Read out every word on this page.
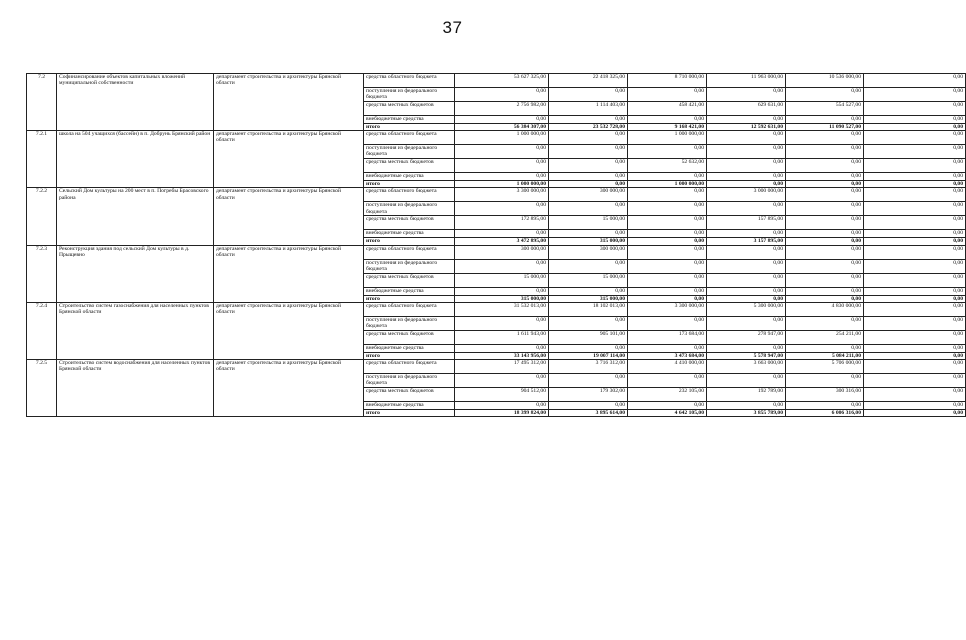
37
7.2	Софинансирование объектов капитальных вложений муниципальной собственности	департамент строительства и архитектуры Брянской области	средства областного бюджета	53 627 325,00	22 418 325,00	8 710 000,00	11 963 000,00	10 536 000,00	0,00
			поступления из федерального бюджета	0,00	0,00	0,00	0,00	0,00	0,00
			средства местных бюджетов	2 756 982,00	1 114 403,00	458 421,00	629 631,00	554 527,00	0,00
			внебюджетные средства	0,00	0,00	0,00	0,00	0,00	0,00
			итого	56 384 307,00	23 532 728,00	9 168 421,00	12 592 631,00	11 090 527,00	0,00
7.2.1	школа на 504 учащихся (бассейн) в п. Добрунь Брянский район	департамент строительства и архитектуры Брянской области	средства областного бюджета	1 000 000,00	0,00	1 000 000,00	0,00	0,00	0,00
			поступления из федерального бюджета	0,00	0,00	0,00	0,00	0,00	0,00
			средства местных бюджетов	0,00	0,00	52 632,00	0,00	0,00	0,00
			внебюджетные средства	0,00	0,00	0,00	0,00	0,00	0,00
			итого	1 000 000,00	0,00	1 000 000,00	0,00	0,00	0,00
7.2.2	Сельский Дом культуры на 200 мест в п. Погребы Брасовского района	департамент строительства и архитектуры Брянской области	средства областного бюджета	3 300 000,00	300 000,00	0,00	3 000 000,00	0,00	0,00
			поступления из федерального бюджета	0,00	0,00	0,00	0,00	0,00	0,00
			средства местных бюджетов	172 895,00	15 000,00	0,00	157 895,00	0,00	0,00
			внебюджетные средства	0,00	0,00	0,00	0,00	0,00	0,00
			итого	3 472 895,00	315 000,00	0,00	3 157 895,00	0,00	0,00
7.2.3	Реконструкция здания под сельский Дом культуры в д. Прыщевно	департамент строительства и архитектуры Брянской области	средства областного бюджета	300 000,00	300 000,00	0,00	0,00	0,00	0,00
			поступления из федерального бюджета	0,00	0,00	0,00	0,00	0,00	0,00
			средства местных бюджетов	15 000,00	15 000,00	0,00	0,00	0,00	0,00
			внебюджетные средства	0,00	0,00	0,00	0,00	0,00	0,00
			итого	315 000,00	315 000,00	0,00	0,00	0,00	0,00
7.2.4	Строительство систем газоснабжения для населенных пунктов Брянской области	департамент строительства и архитектуры Брянской области	средства областного бюджета	31 532 013,00	18 102 013,00	3 300 000,00	5 300 000,00	4 830 000,00	0,00
			поступления из федерального бюджета	0,00	0,00	0,00	0,00	0,00	0,00
			средства местных бюджетов	1 611 943,00	905 101,00	173 684,00	278 947,00	254 211,00	0,00
			внебюджетные средства	0,00	0,00	0,00	0,00	0,00	0,00
			итого	33 143 956,00	19 007 114,00	3 473 684,00	5 578 947,00	5 084 211,00	0,00
7.2.5	Строительство систем водоснабжения для населенных пунктов Брянской области	департамент строительства и архитектуры Брянской области	средства областного бюджета	17 495 312,00	3 716 312,00	4 410 000,00	3 663 000,00	5 706 000,00	0,00
			поступления из федерального бюджета	0,00	0,00	0,00	0,00	0,00	0,00
			средства местных бюджетов	904 512,00	179 302,00	232 105,00	192 789,00	300 316,00	0,00
			внебюджетные средства	0,00	0,00	0,00	0,00	0,00	0,00
			итого	18 399 824,00	3 895 614,00	4 642 105,00	3 855 789,00	6 006 316,00	0,00
